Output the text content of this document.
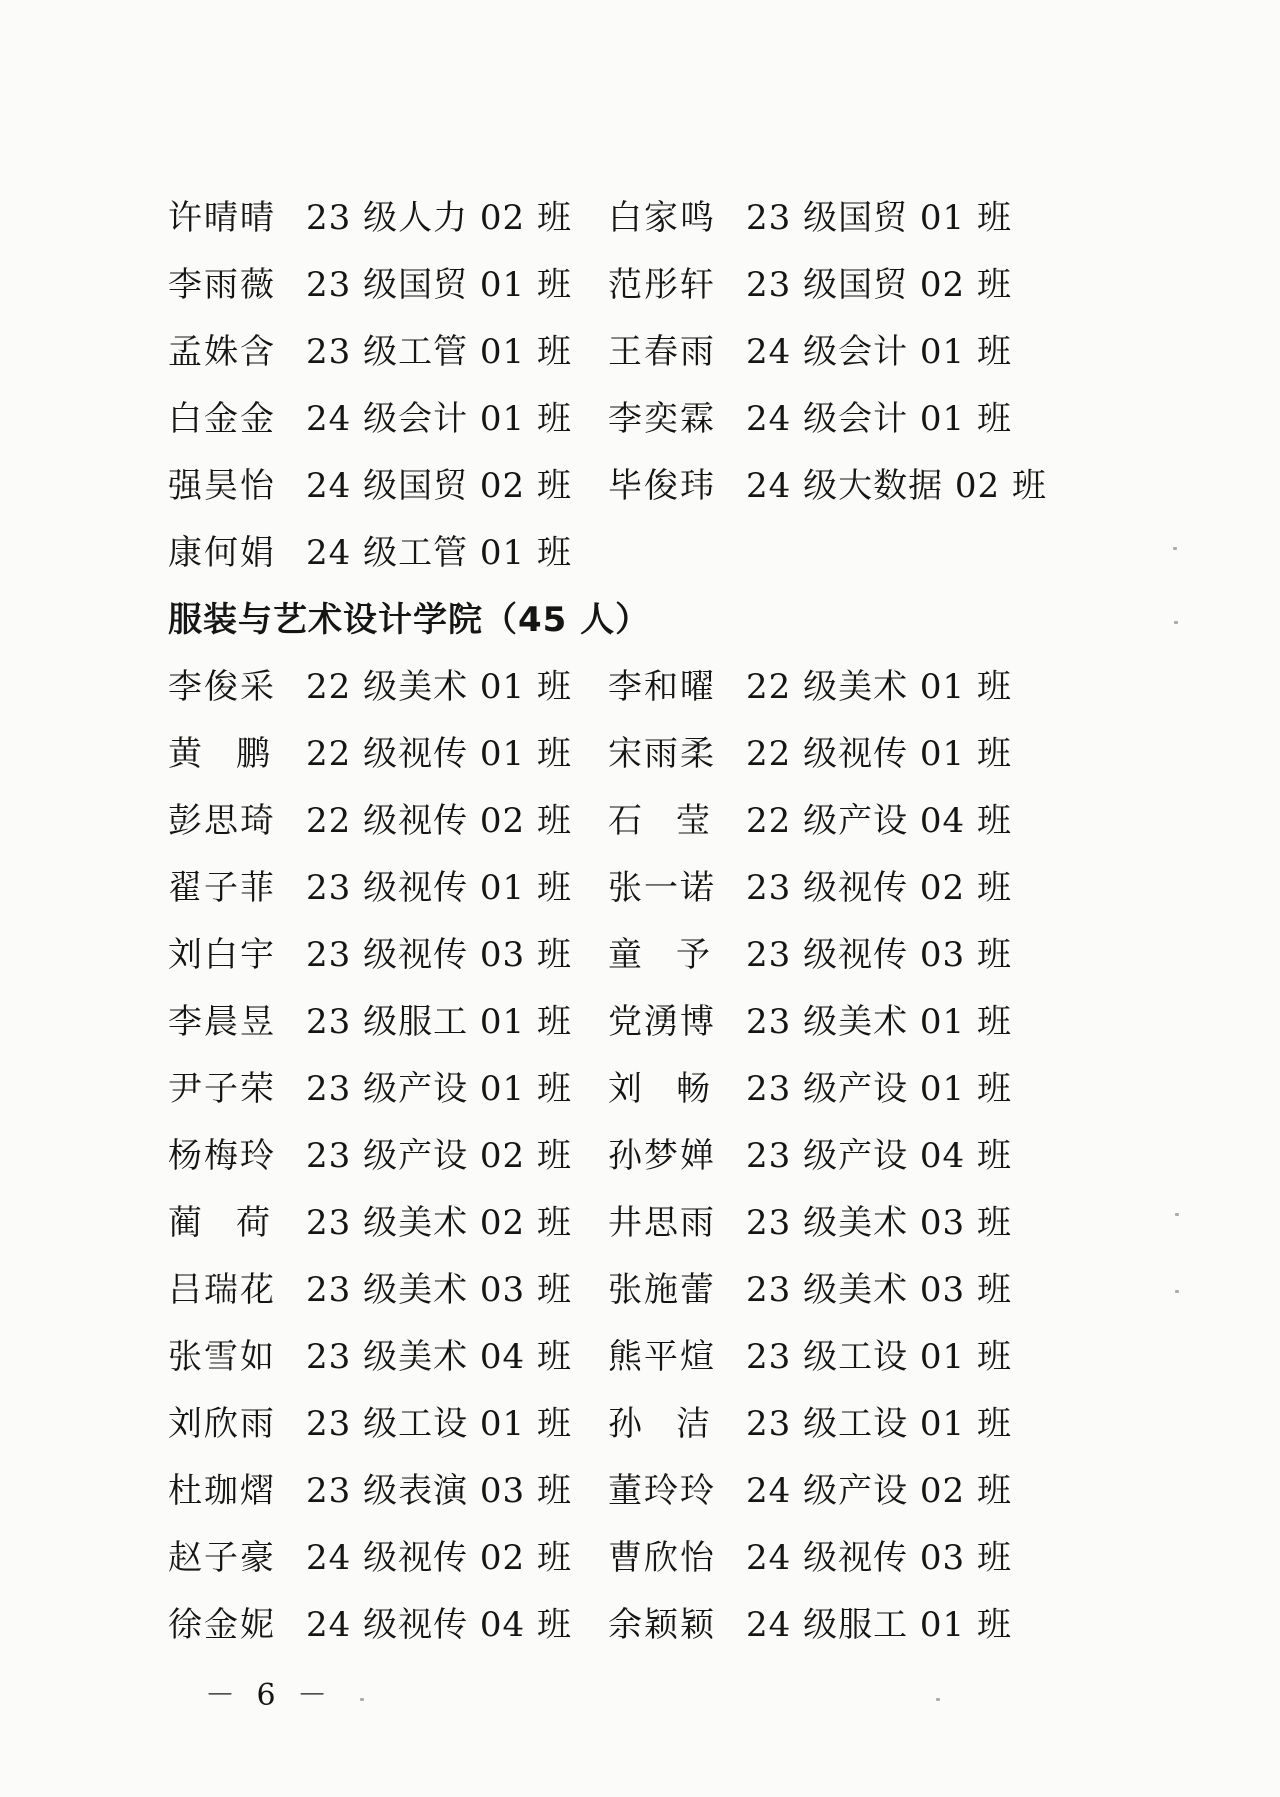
许晴晴 23 级人力 02 班	白家鸣 23 级国贸 01 班
李雨薇 23 级国贸 01 班	范彤轩 23 级国贸 02 班
孟姝含 23 级工管 01 班	王春雨 24 级会计 01 班
白金金 24 级会计 01 班	李奕霖 24 级会计 01 班
强昊怡 24 级国贸 02 班	毕俊玮 24 级大数据 02 班
康何娟 24 级工管 01 班
服装与艺术设计学院（45 人）
李俊采 22 级美术 01 班	李和曜 22 级美术 01 班
黄　鹏	22 级视传 01 班	宋雨柔 22 级视传 01 班
彭思琦 22 级视传 02 班	石　莹	22 级产设 04 班
翟子菲 23 级视传 01 班	张一诺 23 级视传 02 班
刘白宇 23 级视传 03 班	童　予	23 级视传 03 班
李晨昱 23 级服工 01 班	党湧博 23 级美术 01 班
尹子荣 23 级产设 01 班	刘　畅	23 级产设 01 班
杨梅玲 23 级产设 02 班	孙梦婵 23 级产设 04 班
蔺　荷	23 级美术 02 班	井思雨 23 级美术 03 班
吕瑞花 23 级美术 03 班	张施蕾 23 级美术 03 班
张雪如 23 级美术 04 班	熊平煊 23 级工设 01 班
刘欣雨 23 级工设 01 班	孙　洁	23 级工设 01 班
杜珈熠 23 级表演 03 班	董玲玲 24 级产设 02 班
赵子豪 24 级视传 02 班	曹欣怡 24 级视传 03 班
徐金妮 24 级视传 04 班	余颖颖 24 级服工 01 班
－ 6 －
